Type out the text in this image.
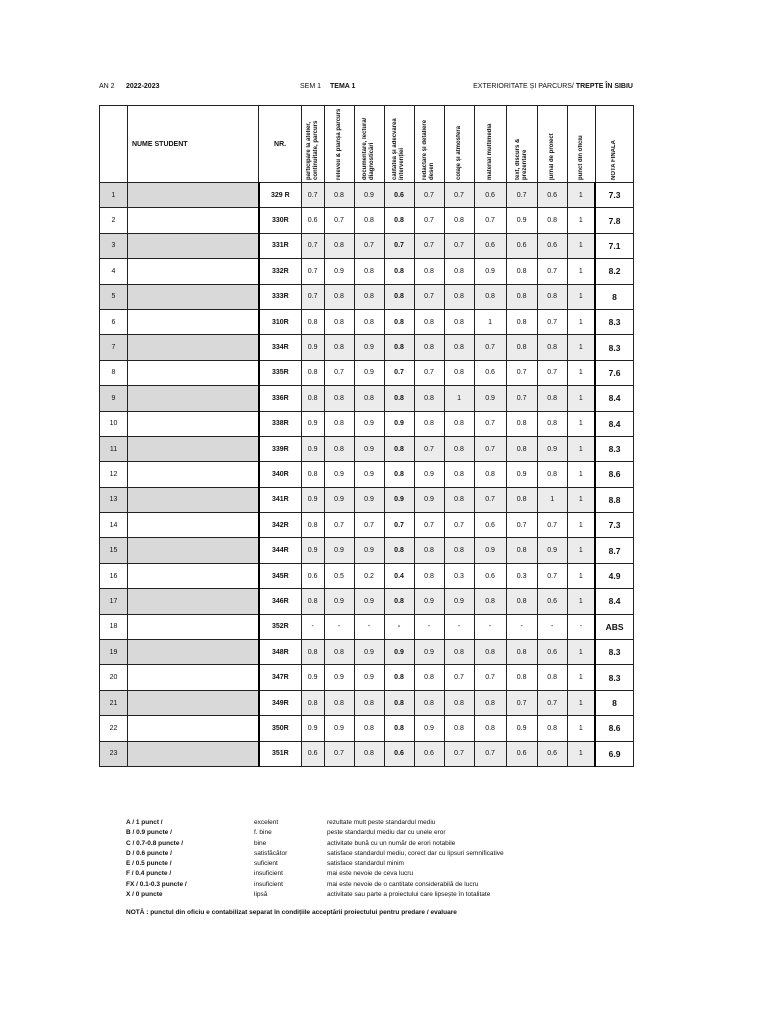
AN 2 2022-2023	SEM 1 TEMA 1	EXTERIORITATE ȘI PARCURS/ TREPTE ÎN SIBIU
	NUME STUDENT	NR.	participare la atelier, continuitate, parcurs	releveu & planșa parcurs	documentare, lectură/ diagnosticări	calitatea și adecvarea intervenției	redactare și detaliere desen	colaje și atmosferă	material multimedia	text, discurs & prezentare	jurnal de proiect	punct din oficiu	NOTA FINALĂ

1		329 R	0.7	0.8	0.9	0.6	0.7	0.7	0.6	0.7	0.6	1	7.3
2		330R	0.6	0.7	0.8	0.8	0.7	0.8	0.7	0.9	0.8	1	7.8
3		331R	0.7	0.8	0.7	0.7	0.7	0.7	0.6	0.6	0.6	1	7.1
4		332R	0.7	0.9	0.8	0.8	0.8	0.8	0.9	0.8	0.7	1	8.2
5		333R	0.7	0.8	0.8	0.8	0.7	0.8	0.8	0.8	0.8	1	8
6		310R	0.8	0.8	0.8	0.8	0.8	0.8	1	0.8	0.7	1	8.3
7		334R	0.9	0.8	0.9	0.8	0.8	0.8	0.7	0.8	0.8	1	8.3
8		335R	0.8	0.7	0.9	0.7	0.7	0.8	0.6	0.7	0.7	1	7.6
9		336R	0.8	0.8	0.8	0.8	0.8	1	0.9	0.7	0.8	1	8.4
10		338R	0.9	0.8	0.9	0.9	0.8	0.8	0.7	0.8	0.8	1	8.4
11		339R	0.9	0.8	0.9	0.8	0.7	0.8	0.7	0.8	0.9	1	8.3
12		340R	0.8	0.9	0.9	0.8	0.9	0.8	0.8	0.9	0.8	1	8.6
13		341R	0.9	0.9	0.9	0.9	0.9	0.8	0.7	0.8	1	1	8.8
14		342R	0.8	0.7	0.7	0.7	0.7	0.7	0.6	0.7	0.7	1	7.3
15		344R	0.9	0.9	0.9	0.8	0.8	0.8	0.9	0.8	0.9	1	8.7
16		345R	0.6	0.5	0.2	0.4	0.8	0.3	0.6	0.3	0.7	1	4.9
17		346R	0.8	0.9	0.9	0.8	0.9	0.9	0.8	0.8	0.6	1	8.4
18		352R	-	-	-	-	-	-	-	-	-	-	ABS
19		348R	0.8	0.8	0.9	0.9	0.9	0.8	0.8	0.8	0.6	1	8.3
20		347R	0.9	0.9	0.9	0.8	0.8	0.7	0.7	0.8	0.8	1	8.3
21		349R	0.8	0.8	0.8	0.8	0.8	0.8	0.8	0.7	0.7	1	8
22		350R	0.9	0.9	0.8	0.8	0.9	0.8	0.8	0.9	0.8	1	8.6
23		351R	0.6	0.7	0.8	0.6	0.6	0.7	0.7	0.6	0.6	1	6.9
A / 1 punct /	excelent	rezultate mult peste standardul mediu
B / 0.9 puncte /	f. bine	peste standardul mediu dar cu unele eror
C / 0.7-0.8 puncte /	bine	activitate bună cu un număr de erori notabile
D / 0.6 puncte /	satisfăcător	satisface standardul mediu, corect dar cu lipsuri semnificative
E / 0.5 puncte /	suficient	satisface standardul minim
F / 0.4 puncte /	insuficient	mai este nevoie de ceva lucru
FX / 0.1-0.3 puncte /	insuficient	mai este nevoie de o cantitate considerabilă de lucru
X / 0 puncte	lipsă	activitate sau parte a proiectului care lipsește în totalitate
NOTĂ : punctul din oficiu e contabilizat separat în condițiile acceptării proiectului pentru predare / evaluare
